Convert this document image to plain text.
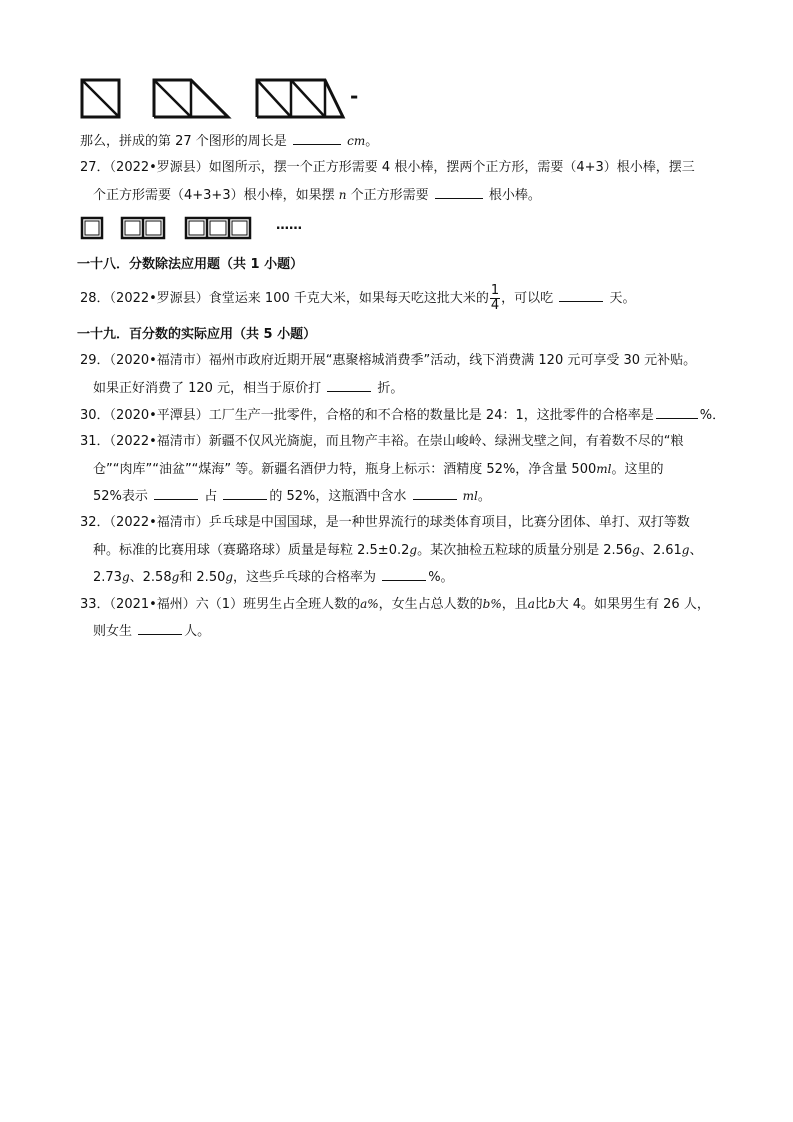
-
那么，拼成的第 27 个图形的周长是	cm。
27．（2022•罗源县）如图所示，摆一个正方形需要 4 根小棒，摆两个正方形，需要（4+3）根小棒，摆三
个正方形需要（4+3+3）根小棒，如果摆 n 个正方形需要	根小棒。
……
一十八．分数除法应用题（共 1 小题）
28．（2022•罗源县）食堂运来 100 千克大米，如果每天吃这批大米的 $\frac{1}{4}$ ，可以吃	天。
一十九．百分数的实际应用（共 5 小题）
29．（2020•福清市）福州市政府近期开展“惠聚榕城消费季”活动，线下消费满 120 元可享受 30 元补贴。
如果正好消费了 120 元，相当于原价打	折。
30．（2020•平潭县）工厂生产一批零件，合格的和不合格的数量比是 24：1，这批零件的合格率是	%．
31．（2022•福清市）新疆不仅风光旖旎，而且物产丰裕。在崇山峻岭、绿洲戈壁之间，有着数不尽的“粮
仓”“肉库”“油盆”“煤海” 等。新疆名酒伊力特，瓶身上标示：酒精度 52%，净含量 500ml。这里的
52%表示	占	的 52%，这瓶酒中含水	ml。
32．（2022•福清市）乒乓球是中国国球，是一种世界流行的球类体育项目，比赛分团体、单打、双打等数
种。标准的比赛用球（赛璐珞球）质量是每粒 2.5±0.2g。某次抽检五粒球的质量分别是 2.56g、2.61g、
2.73g、2.58g和 2.50g，这些乒乓球的合格率为	%。
33．（2021•福州）六（1）班男生占全班人数的a%，女生占总人数的b%，且a比b大 4。如果男生有 26 人，
则女生	人。
